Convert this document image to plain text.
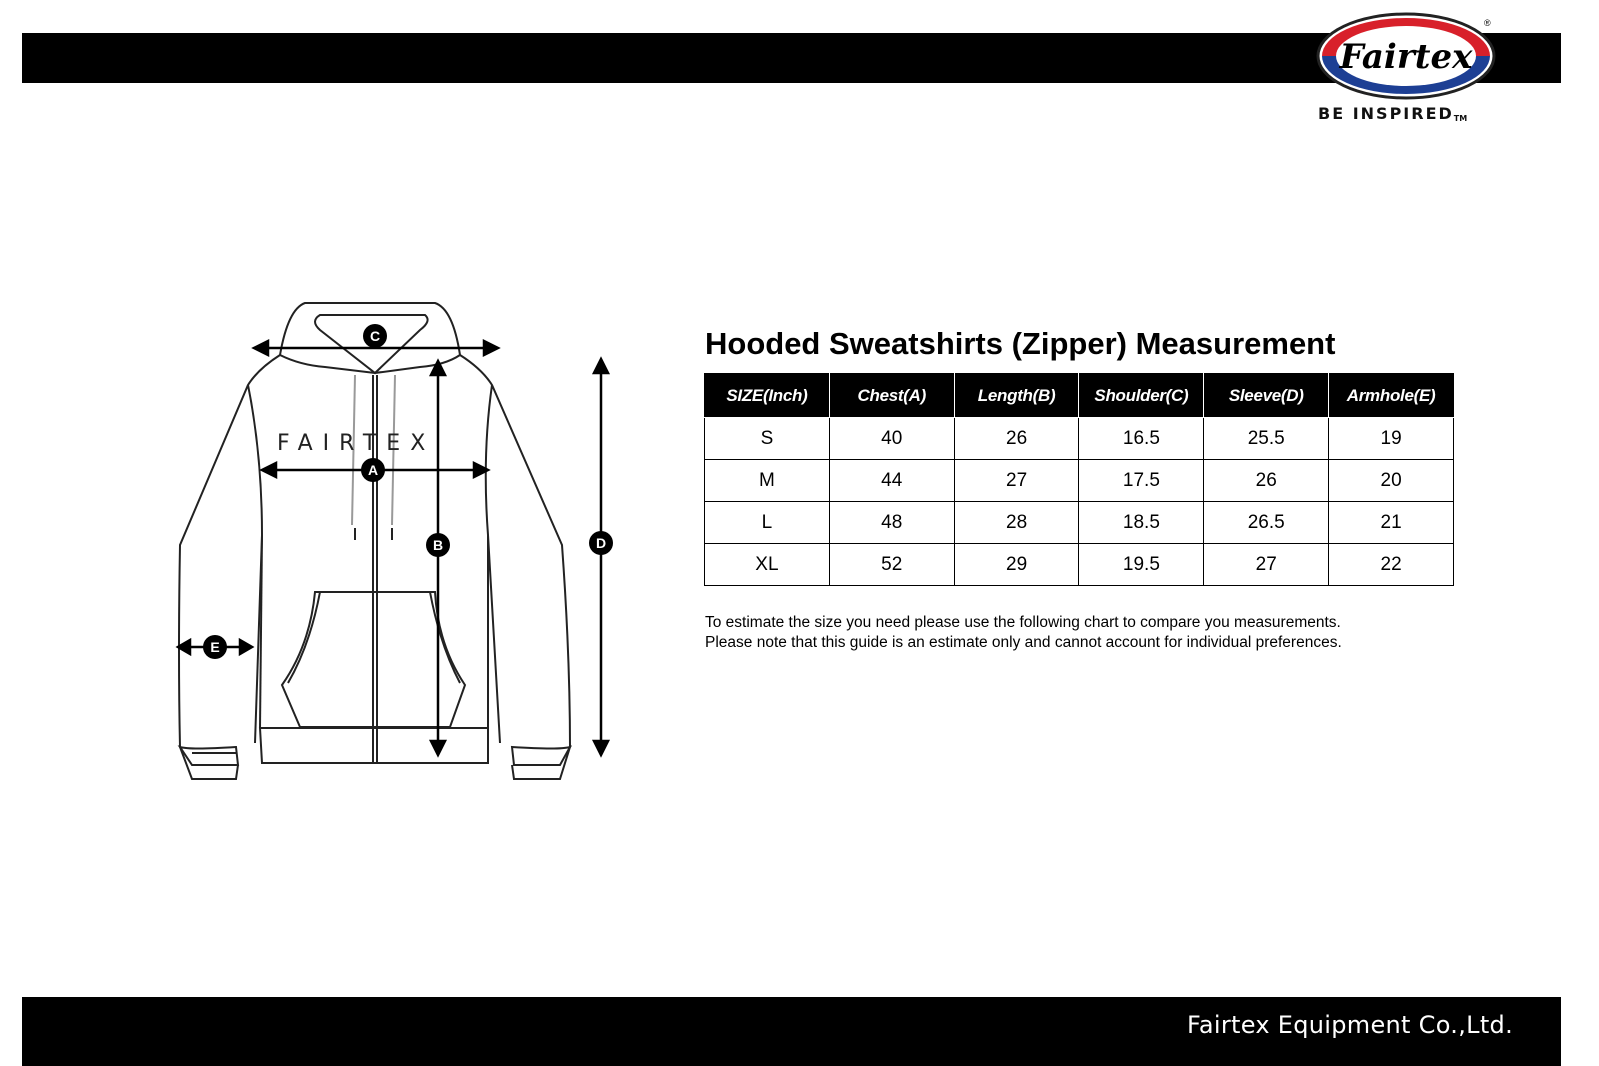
Fairtex
®
BE INSPIREDTM
FAIRTEX
C
A
B	D
E
Hooded Sweatshirts (Zipper) Measurement
SIZE(Inch)	Chest(A)	Length(B)	Shoulder(C)	Sleeve(D)	Armhole(E)
S	40	26	16.5	25.5	19
M	44	27	17.5	26	20
L	48	28	18.5	26.5	21
XL	52	29	19.5	27	22
To estimate the size you need please use the following chart to compare you measurements.
Please note that this guide is an estimate only and cannot account for individual preferences.
Fairtex Equipment Co.,Ltd.
